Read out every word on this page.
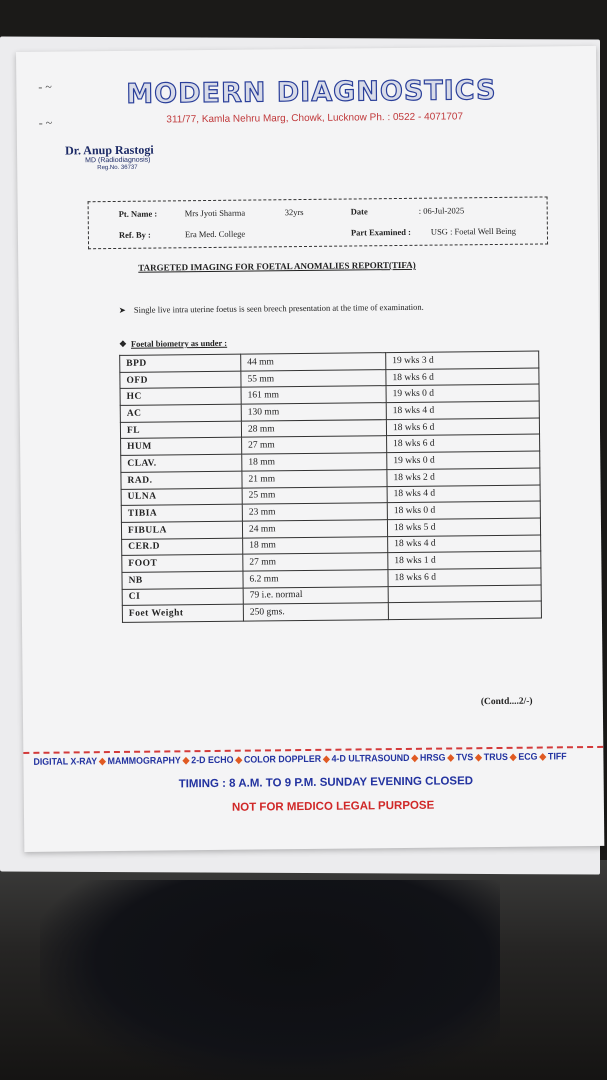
- ~
- ~
MODERN DIAGNOSTICS
311/77, Kamla Nehru Marg, Chowk, Lucknow Ph. : 0522 - 4071707
Dr. Anup Rastogi
MD (Radiodiagnosis)
Reg.No. 36737
Pt. Name :	Mrs Jyoti Sharma	32yrs	Date	: 06-Jul-2025
Ref. By :	Era Med. College	Part Examined : USG : Foetal Well Being
TARGETED IMAGING FOR FOETAL ANOMALIES REPORT(TIFA)
➤ Single live intra uterine foetus is seen breech presentation at the time of examination.
❖ Foetal biometry as under :
BPD	44 mm	19 wks 3 d
OFD	55 mm	18 wks 6 d
HC	161 mm	19 wks 0 d
AC	130 mm	18 wks 4 d
FL	28 mm	18 wks 6 d
HUM	27 mm	18 wks 6 d
CLAV.	18 mm	19 wks 0 d
RAD.	21 mm	18 wks 2 d
ULNA	25 mm	18 wks 4 d
TIBIA	23 mm	18 wks 0 d
FIBULA	24 mm	18 wks 5 d
CER.D	18 mm	18 wks 4 d
FOOT	27 mm	18 wks 1 d
NB	6.2 mm	18 wks 6 d
CI	79 i.e. normal	
Foet Weight	250 gms.	
(Contd....2/-)
DIGITAL X-RAY ◆ MAMMOGRAPHY ◆ 2-D ECHO ◆ COLOR DOPPLER ◆ 4-D ULTRASOUND ◆ HRSG ◆ TVS ◆ TRUS ◆ ECG ◆ TIFF
TIMING : 8 A.M. TO 9 P.M. SUNDAY EVENING CLOSED
NOT FOR MEDICO LEGAL PURPOSE
